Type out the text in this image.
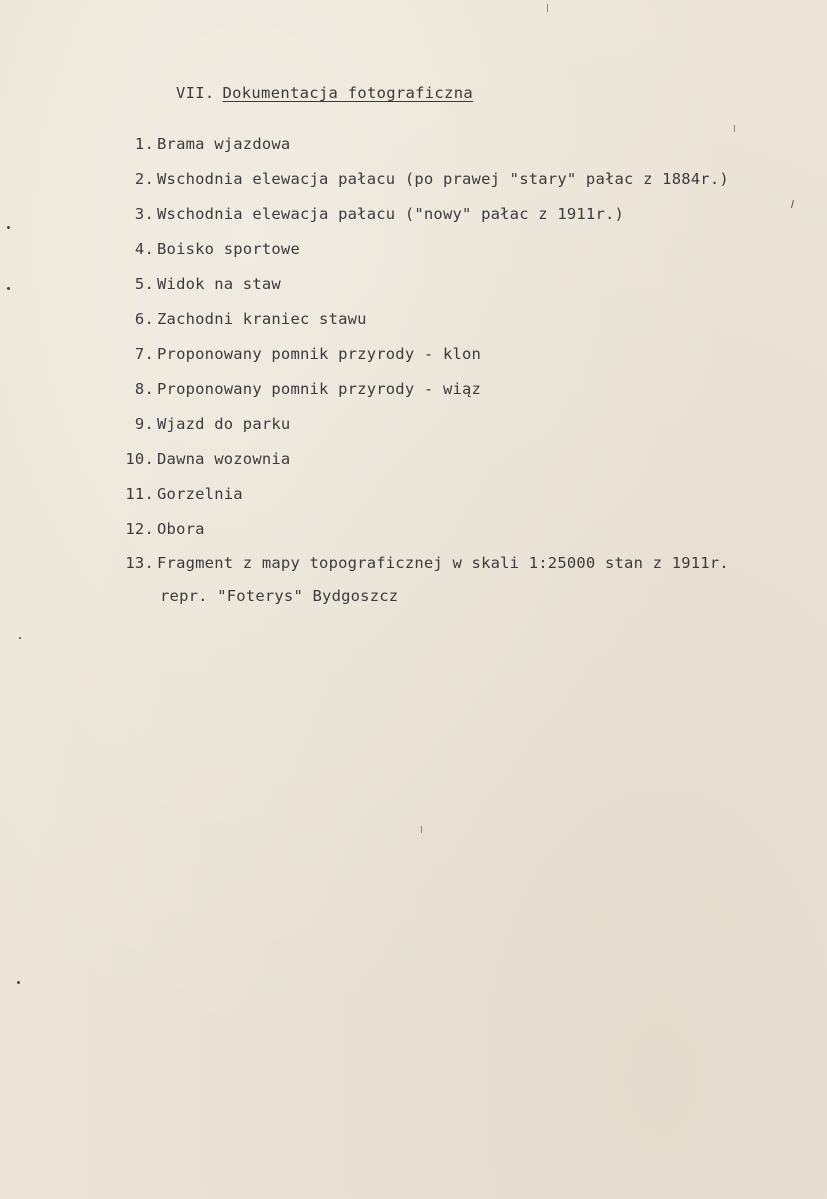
VII. Dokumentacja fotograficzna
1. Brama wjazdowa
2. Wschodnia elewacja pałacu (po prawej "stary" pałac z 1884r.)
3. Wschodnia elewacja pałacu ("nowy" pałac z 1911r.)
4. Boisko sportowe
5. Widok na staw
6. Zachodni kraniec stawu
7. Proponowany pomnik przyrody - klon
8. Proponowany pomnik przyrody - wiąz
9. Wjazd do parku
10. Dawna wozownia
11. Gorzelnia
12. Obora
13. Fragment z mapy topograficznej w skali 1:25000 stan z 1911r.
repr. "Foterys" Bydgoszcz
